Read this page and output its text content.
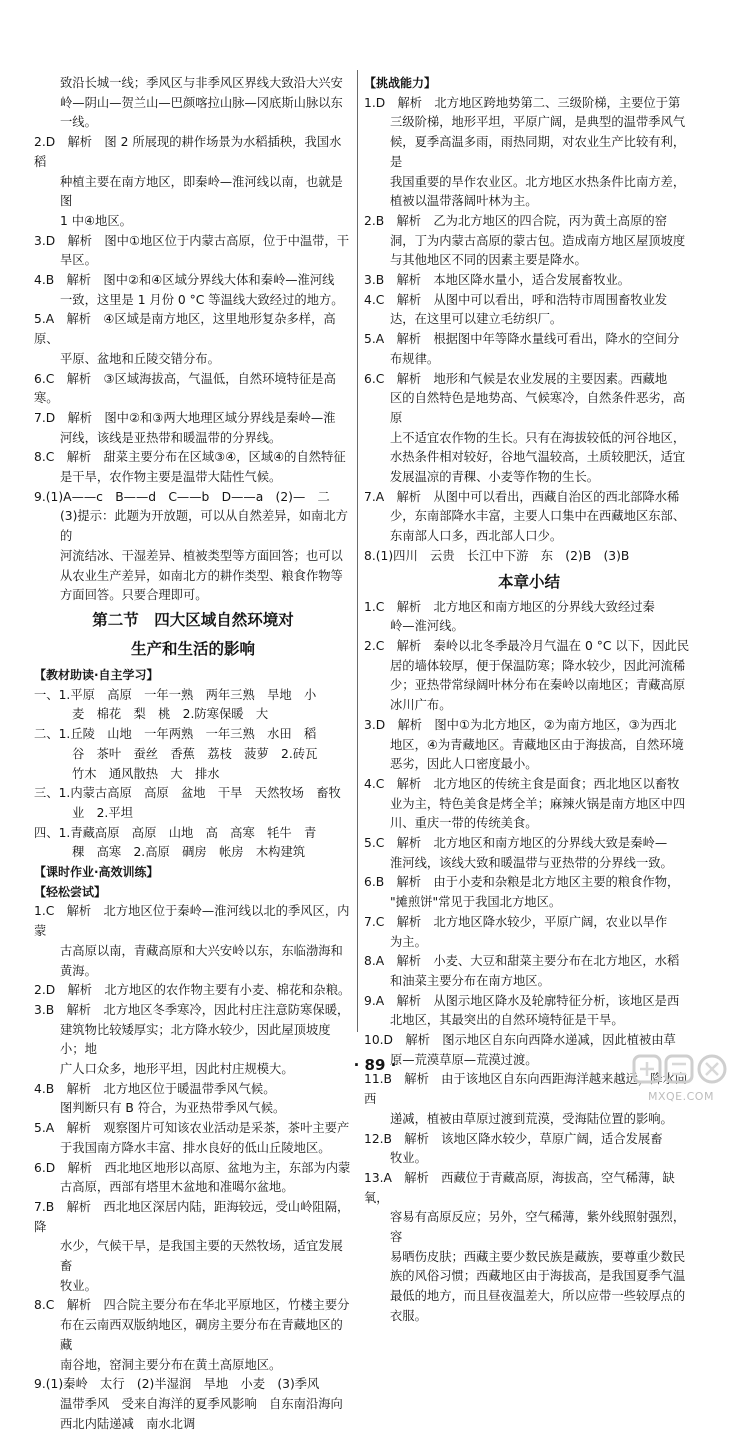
致沿长城一线；季风区与非季风区界线大致沿大兴安

岭—阴山—贺兰山—巴颜喀拉山脉—冈底斯山脉以东

一线。

2.D　解析　图 2 所展现的耕作场景为水稻插秧，我国水稻

种植主要在南方地区，即秦岭—淮河线以南，也就是图

1 中④地区。

3.D　解析　图中①地区位于内蒙古高原，位于中温带，干

旱区。

4.B　解析　图中②和④区域分界线大体和秦岭—淮河线

一致，这里是 1 月份 0 °C 等温线大致经过的地方。

5.A　解析　④区域是南方地区，这里地形复杂多样，高原、

平原、盆地和丘陵交错分布。

6.C　解析　③区域海拔高，气温低，自然环境特征是高寒。

7.D　解析　图中②和③两大地理区域分界线是秦岭—淮

河线，该线是亚热带和暖温带的分界线。

8.C　解析　甜菜主要分布在区域③④，区域④的自然特征

是干旱，农作物主要是温带大陆性气候。

9.(1)A——c　B——d　C——b　D——a　(2)—　二

(3)提示：此题为开放题，可以从自然差异，如南北方的

河流结冰、干湿差异、植被类型等方面回答；也可以

从农业生产差异，如南北方的耕作类型、粮食作物等

方面回答。只要合理即可。

第二节　四大区域自然环境对

生产和生活的影响

【教材助读·自主学习】

一、1.平原　高原　一年一熟　两年三熟　旱地　小

麦　棉花　梨　桃　2.防寒保暖　大

二、1.丘陵　山地　一年两熟　一年三熟　水田　稻

谷　茶叶　蚕丝　香蕉　荔枝　菠萝　2.砖瓦

竹木　通风散热　大　排水

三、1.内蒙古高原　高原　盆地　干旱　天然牧场　畜牧

业　2.平坦

四、1.青藏高原　高原　山地　高　高寒　牦牛　青

稞　高寒　2.高原　碉房　帐房　木构建筑

【课时作业·高效训练】

【轻松尝试】

1.C　解析　北方地区位于秦岭—淮河线以北的季风区，内蒙

古高原以南，青藏高原和大兴安岭以东，东临渤海和

黄海。

2.D　解析　北方地区的农作物主要有小麦、棉花和杂粮。

3.B　解析　北方地区冬季寒冷，因此村庄注意防寒保暖，

建筑物比较矮厚实；北方降水较少，因此屋顶坡度小；地

广人口众多，地形平坦，因此村庄规模大。

4.B　解析　北方地区位于暖温带季风气候。

图判断只有 B 符合，为亚热带季风气候。

5.A　解析　观察图片可知该农业活动是采茶，茶叶主要产

于我国南方降水丰富、排水良好的低山丘陵地区。

6.D　解析　西北地区地形以高原、盆地为主，东部为内蒙

古高原，西部有塔里木盆地和准噶尔盆地。

7.B　解析　西北地区深居内陆，距海较远，受山岭阻隔，降

水少，气候干旱，是我国主要的天然牧场，适宜发展畜

牧业。

8.C　解析　四合院主要分布在华北平原地区，竹楼主要分

布在云南西双版纳地区，碉房主要分布在青藏地区的藏

南谷地，窑洞主要分布在黄土高原地区。

9.(1)秦岭　太行　(2)半湿润　旱地　小麦　(3)季风

温带季风　受来自海洋的夏季风影响　自东南沿海向

西北内陆递减　南水北调

【挑战能力】

1.D　解析　北方地区跨地势第二、三级阶梯，主要位于第

三级阶梯，地形平坦，平原广阔，是典型的温带季风气

候，夏季高温多雨，雨热同期，对农业生产比较有利，是

我国重要的旱作农业区。北方地区水热条件比南方差，

植被以温带落阔叶林为主。

2.B　解析　乙为北方地区的四合院，丙为黄土高原的窑

洞，丁为内蒙古高原的蒙古包。造成南方地区屋顶坡度

与其他地区不同的因素主要是降水。

3.B　解析　本地区降水量小，适合发展畜牧业。

4.C　解析　从图中可以看出，呼和浩特市周围畜牧业发

达，在这里可以建立毛纺织厂。

5.A　解析　根据图中年等降水量线可看出，降水的空间分

布规律。

6.C　解析　地形和气候是农业发展的主要因素。西藏地

区的自然特色是地势高、气候寒冷，自然条件恶劣，高原

上不适宜农作物的生长。只有在海拔较低的河谷地区，

水热条件相对较好，谷地气温较高，土质较肥沃，适宜

发展温凉的青稞、小麦等作物的生长。

7.A　解析　从图中可以看出，西藏自治区的西北部降水稀

少，东南部降水丰富，主要人口集中在西藏地区东部、

东南部人口多，西北部人口少。

8.(1)四川　云贵　长江中下游　东　(2)B　(3)B

本章小结

1.C　解析　北方地区和南方地区的分界线大致经过秦

岭—淮河线。

2.C　解析　秦岭以北冬季最冷月气温在 0 °C 以下，因此民

居的墙体较厚，便于保温防寒；降水较少，因此河流稀

少；亚热带常绿阔叶林分布在秦岭以南地区；青藏高原

冰川广布。

3.D　解析　图中①为北方地区，②为南方地区，③为西北

地区，④为青藏地区。青藏地区由于海拔高，自然环境

恶劣，因此人口密度最小。

4.C　解析　北方地区的传统主食是面食；西北地区以畜牧

业为主，特色美食是烤全羊；麻辣火锅是南方地区中四

川、重庆一带的传统美食。

5.C　解析　北方地区和南方地区的分界线大致是秦岭—

淮河线，该线大致和暖温带与亚热带的分界线一致。

6.B　解析　由于小麦和杂粮是北方地区主要的粮食作物，

"摊煎饼"常见于我国北方地区。

7.C　解析　北方地区降水较少，平原广阔，农业以旱作

为主。

8.A　解析　小麦、大豆和甜菜主要分布在北方地区，水稻

和油菜主要分布在南方地区。

9.A　解析　从图示地区降水及轮廓特征分析，该地区是西

北地区，其最突出的自然环境特征是干旱。

10.D　解析　图示地区自东向西降水递减，因此植被由草

原—荒漠草原—荒漠过渡。

11.B　解析　由于该地区自东向西距海洋越来越远，降水向西

递减，植被由草原过渡到荒漠，受海陆位置的影响。

12.B　解析　该地区降水较少，草原广阔，适合发展畜

牧业。

13.A　解析　西藏位于青藏高原，海拔高，空气稀薄，缺氧，

容易有高原反应；另外，空气稀薄，紫外线照射强烈，容

易晒伤皮肤；西藏主要少数民族是藏族，要尊重少数民

族的风俗习惯；西藏地区由于海拔高，是我国夏季气温

最低的地方，而且昼夜温差大，所以应带一些较厚点的

衣服。

· 89 ·
MXQE.COM
